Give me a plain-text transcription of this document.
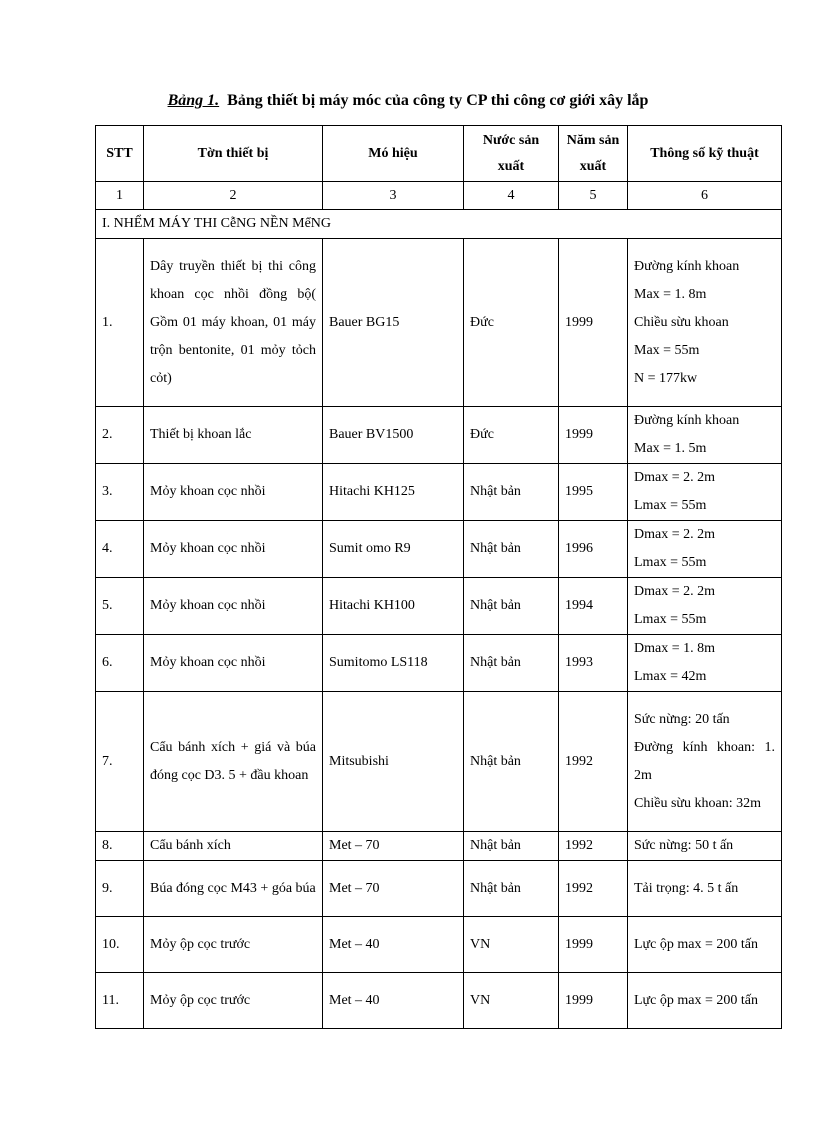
Bảng 1. Bảng thiết bị máy móc của công ty CP thi công cơ giới xây lắp
STT	Tờn thiết bị	Mó hiệu	Nước sản xuất	Năm sản xuất	Thông số kỹ thuật
1	2	3	4	5	6
I. NHỂM MÁY THI CễNG NỀN MểNG					
1.	Dây truyền thiết bị thi công khoan cọc nhồi đồng bộ( Gồm 01 máy khoan, 01 máy trộn bentonite, 01 mỏy tỏch cỏt)	Bauer BG15	Đức	1999	Đường kính khoan
Max = 1. 8m
Chiều sừu khoan
Max = 55m
N = 177kw

2.	Thiết bị khoan lắc	Bauer BV1500	Đức	1999	Đường kính khoan
Max = 1. 5m

3.	Mỏy khoan cọc nhồi	Hitachi KH125	Nhật bản	1995	Dmax = 2. 2m
Lmax = 55m

4.	Mỏy khoan cọc nhồi	Sumit omo R9	Nhật bản	1996	Dmax = 2. 2m
Lmax = 55m

5.	Mỏy khoan cọc nhồi	Hitachi KH100	Nhật bản	1994	Dmax = 2. 2m
Lmax = 55m

6.	Mỏy khoan cọc nhồi	Sumitomo LS118	Nhật bản	1993	Dmax = 1. 8m
Lmax = 42m

7.	Cẩu bánh xích + giá và búa đóng cọc D3. 5 + đầu khoan	Mitsubishi	Nhật bản	1992	Sức nừng: 20 tấn
Đường kính khoan: 1. 2m
Chiều sừu khoan: 32m

8.	Cẩu bánh xích	Met – 70	Nhật bản	1992	Sức nừng: 50 t ấn

9.	Búa đóng cọc M43 + góa búa	Met – 70	Nhật bản	1992	Tải trọng: 4. 5 t ấn

10.	Mỏy ộp cọc trước	Met – 40	VN	1999	Lực ộp max = 200 tấn

11.	Mỏy ộp cọc trước	Met – 40	VN	1999	Lực ộp max = 200 tấn
